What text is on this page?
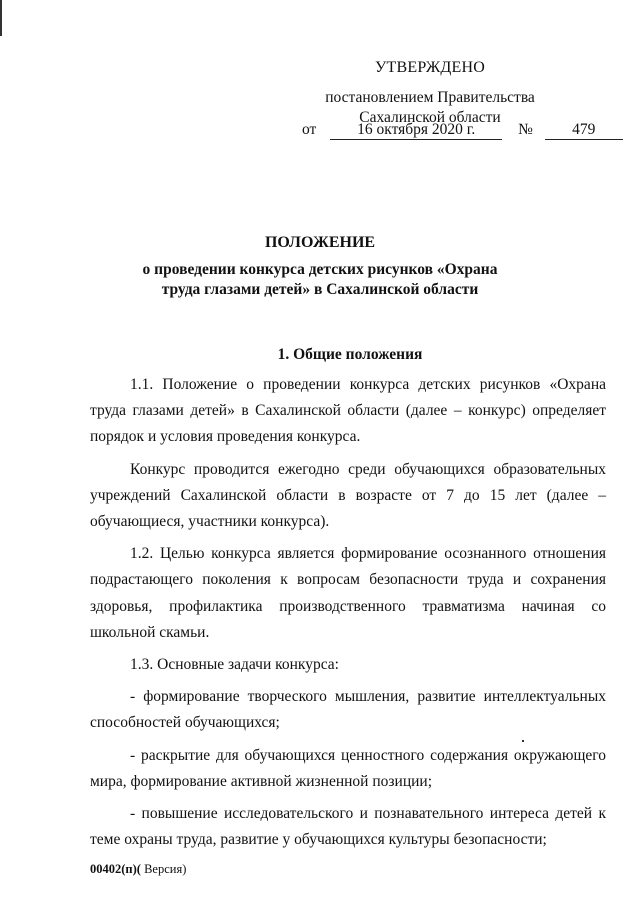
УТВЕРЖДЕНО
постановлением Правительства
Сахалинской области
от	16 октября 2020 г.	№	479
ПОЛОЖЕНИЕ
о проведении конкурса детских рисунков «Охрана
труда глазами детей» в Сахалинской области
1. Общие положения

1.1. Положение о проведении конкурса детских рисунков «Охрана труда глазами детей» в Сахалинской области (далее – конкурс) определяет порядок и условия проведения конкурса.

Конкурс проводится ежегодно среди обучающихся образовательных учреждений Сахалинской области в возрасте от 7 до 15 лет (далее – обучающиеся, участники конкурса).

1.2. Целью конкурса является формирование осознанного отношения подрастающего поколения к вопросам безопасности труда и сохранения здоровья, профилактика производственного травматизма начиная со школьной скамьи.

1.3. Основные задачи конкурса:

- формирование творческого мышления, развитие интеллектуальных способностей обучающихся;

- раскрытие для обучающихся ценностного содержания окружающего мира, формирование активной жизненной позиции;

- повышение исследовательского и познавательного интереса детей к теме охраны труда, развитие у обучающихся культуры безопасности;

00402(п)( Версия)
